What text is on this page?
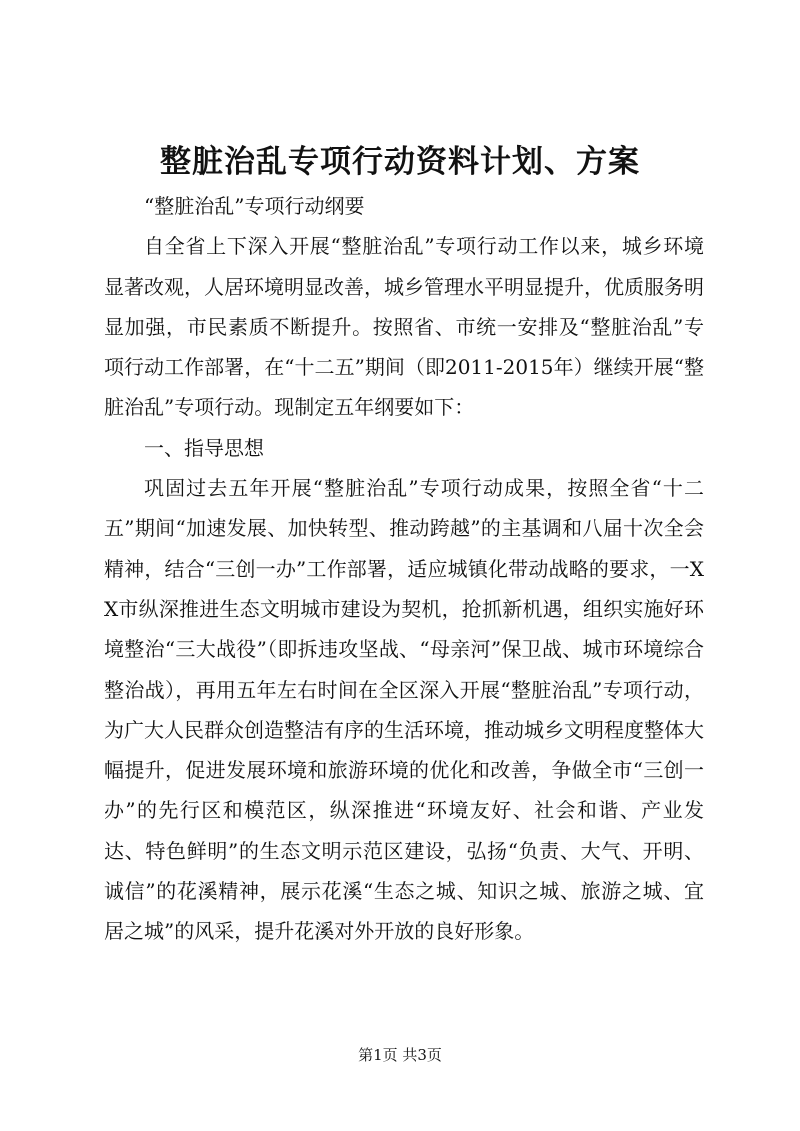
整脏治乱专项行动资料计划、方案

“整脏治乱”专项行动纲要

自全省上下深入开展“整脏治乱”专项行动工作以来，城乡环境显著改观，人居环境明显改善，城乡管理水平明显提升，优质服务明显加强，市民素质不断提升。按照省、市统一安排及“整脏治乱”专项行动工作部署，在“十二五”期间（即2011-2015年）继续开展“整脏治乱”专项行动。现制定五年纲要如下：

一、指导思想

巩固过去五年开展“整脏治乱”专项行动成果，按照全省“十二五”期间“加速发展、加快转型、推动跨越”的主基调和八届十次全会精神，结合“三创一办”工作部署，适应城镇化带动战略的要求，一XX市纵深推进生态文明城市建设为契机，抢抓新机遇，组织实施好环境整治“三大战役”（即拆违攻坚战、“母亲河”保卫战、城市环境综合整治战），再用五年左右时间在全区深入开展“整脏治乱”专项行动，为广大人民群众创造整洁有序的生活环境，推动城乡文明程度整体大幅提升，促进发展环境和旅游环境的优化和改善，争做全市“三创一办”的先行区和模范区，纵深推进“环境友好、社会和谐、产业发达、特色鲜明”的生态文明示范区建设，弘扬“负责、大气、开明、诚信”的花溪精神，展示花溪“生态之城、知识之城、旅游之城、宜居之城”的风采，提升花溪对外开放的良好形象。

第1页 共3页
